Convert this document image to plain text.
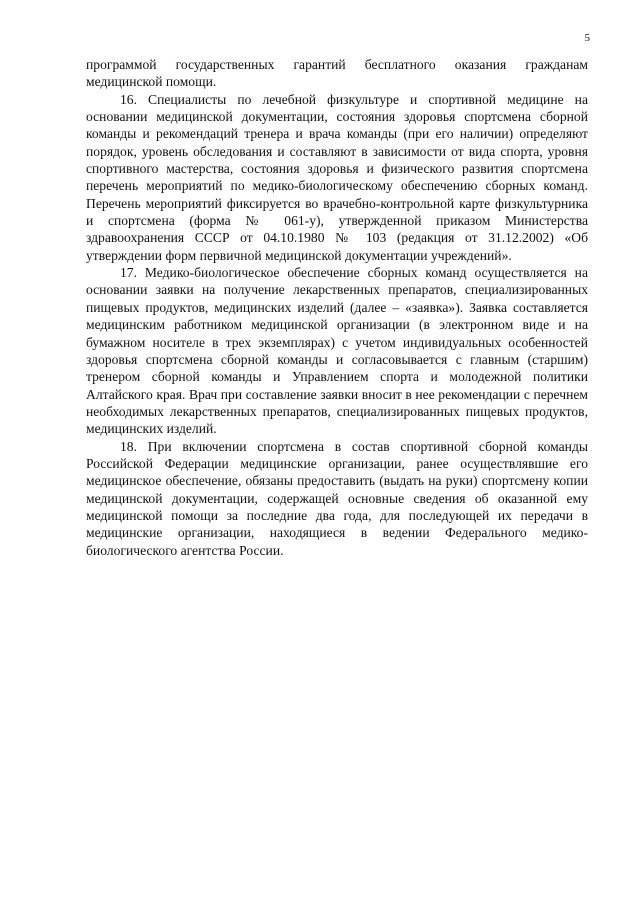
5

программой государственных гарантий бесплатного оказания гражданам медицинской помощи.

16. Специалисты по лечебной физкультуре и спортивной медицине на основании медицинской документации, состояния здоровья спортсмена сборной команды и рекомендаций тренера и врача команды (при его наличии) определяют порядок, уровень обследования и составляют в зависимости от вида спорта, уровня спортивного мастерства, состояния здоровья и физического развития спортсмена перечень мероприятий по медико-биологическому обеспечению сборных команд. Перечень мероприятий фиксируется во врачебно-контрольной карте физкультурника и спортсмена (форма № 061-у), утвержденной приказом Министерства здравоохранения СССР от 04.10.1980 № 103 (редакция от 31.12.2002) «Об утверждении форм первичной медицинской документации учреждений».

17. Медико-биологическое обеспечение сборных команд осуществляется на основании заявки на получение лекарственных препаратов, специализированных пищевых продуктов, медицинских изделий (далее – «заявка»). Заявка составляется медицинским работником медицинской организации (в электронном виде и на бумажном носителе в трех экземплярах) с учетом индивидуальных особенностей здоровья спортсмена сборной команды и согласовывается с главным (старшим) тренером сборной команды и Управлением спорта и молодежной политики Алтайского края. Врач при составление заявки вносит в нее рекомендации с перечнем необходимых лекарственных препаратов, специализированных пищевых продуктов, медицинских изделий.

18. При включении спортсмена в состав спортивной сборной команды Российской Федерации медицинские организации, ранее осуществлявшие его медицинское обеспечение, обязаны предоставить (выдать на руки) спортсмену копии медицинской документации, содержащей основные сведения об оказанной ему медицинской помощи за последние два года, для последующей их передачи в медицинские организации, находящиеся в ведении Федерального медико-биологического агентства России.
